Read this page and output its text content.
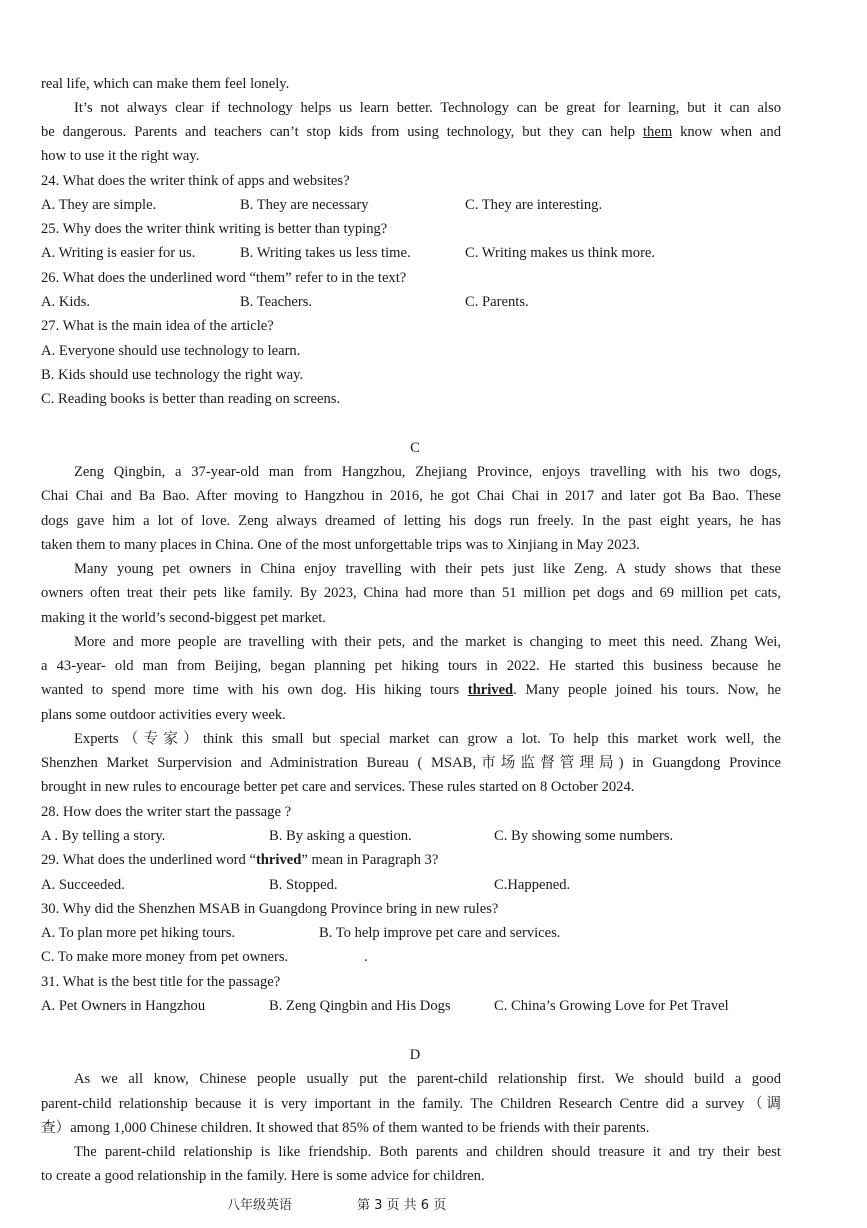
real life, which can make them feel lonely.
It’s not always clear if technology helps us learn better. Technology can be great for learning, but it can also
be dangerous. Parents and teachers can’t stop kids from using technology, but they can help them know when and
how to use it the right way.
24. What does the writer think of apps and websites?
A. They are simple.	B. They are necessary	C. They are interesting.
25. Why does the writer think writing is better than typing?
A. Writing is easier for us.	B. Writing takes us less time.	C. Writing makes us think more.
26. What does the underlined word “them” refer to in the text?
A. Kids.	B. Teachers.	C. Parents.
27. What is the main idea of the article?
A. Everyone should use technology to learn.
B. Kids should use technology the right way.
C. Reading books is better than reading on screens.
C
Zeng Qingbin, a 37-year-old man from Hangzhou, Zhejiang Province, enjoys travelling with his two dogs,
Chai Chai and Ba Bao. After moving to Hangzhou in 2016, he got Chai Chai in 2017 and later got Ba Bao. These
dogs gave him a lot of love. Zeng always dreamed of letting his dogs run freely. In the past eight years, he has
taken them to many places in China. One of the most unforgettable trips was to Xinjiang in May 2023.
Many young pet owners in China enjoy travelling with their pets just like Zeng. A study shows that these
owners often treat their pets like family. By 2023, China had more than 51 million pet dogs and 69 million pet cats,
making it the world’s second-biggest pet market.
More and more people are travelling with their pets, and the market is changing to meet this need. Zhang Wei,
a 43-year- old man from Beijing, began planning pet hiking tours in 2022. He started this business because he
wanted to spend more time with his own dog. His hiking tours thrived. Many people joined his tours. Now, he
plans some outdoor activities every week.
Experts（专家）think this small but special market can grow a lot. To help this market work well, the
Shenzhen Market Surpervision and Administration Bureau ( MSAB,市场监督管理局) in Guangdong Province
brought in new rules to encourage better pet care and services. These rules started on 8 October 2024.
28. How does the writer start the passage ?
A . By telling a story.	B. By asking a question.	C. By showing some numbers.
29. What does the underlined word “thrived” mean in Paragraph 3?
A. Succeeded.	B. Stopped.	C.Happened.
30. Why did the Shenzhen MSAB in Guangdong Province bring in new rules?
A. To plan more pet hiking tours.	B. To help improve pet care and services.
C. To make more money from pet owners.	.
31. What is the best title for the passage?
A. Pet Owners in Hangzhou	B. Zeng Qingbin and His Dogs	C. China’s Growing Love for Pet Travel
D
As we all know, Chinese people usually put the parent-child relationship first. We should build a good
parent-child relationship because it is very important in the family. The Children Research Centre did a survey（调
查）among 1,000 Chinese children. It showed that 85% of them wanted to be friends with their parents.
The parent-child relationship is like friendship. Both parents and children should treasure it and try their best
to create a good relationship in the family. Here is some advice for children.
八年级英语	第 3 页 共 6 页
